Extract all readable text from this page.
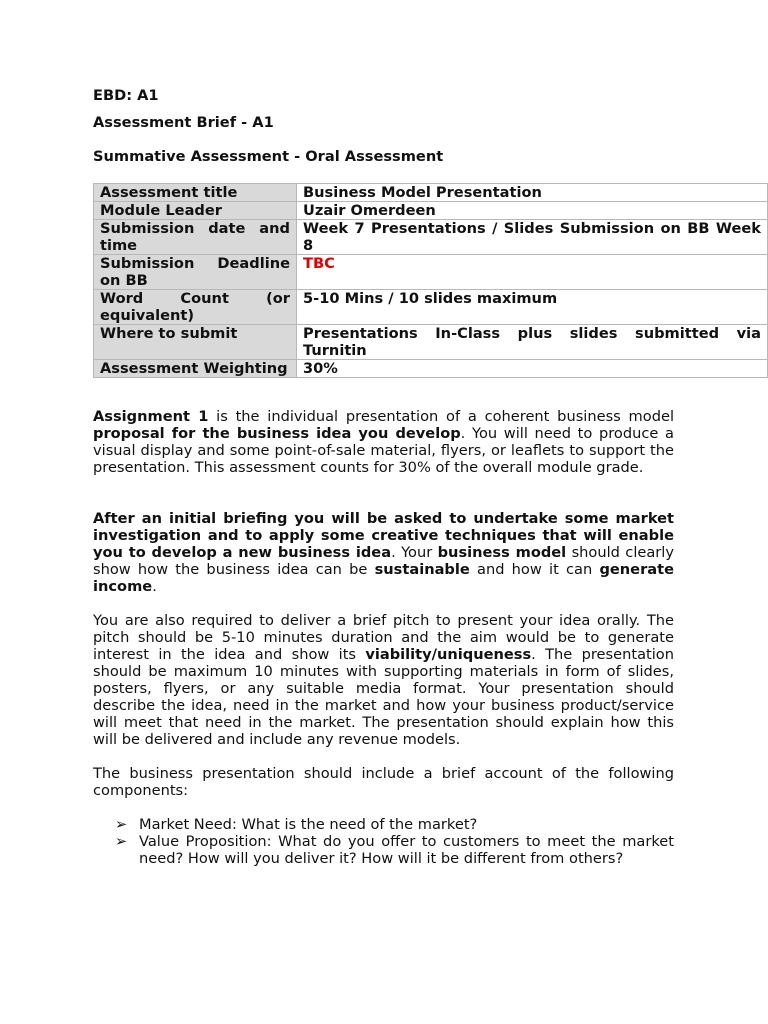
EBD: A1

Assessment Brief - A1

Summative Assessment - Oral Assessment

Assessment title	Business Model Presentation
Module Leader	Uzair Omerdeen
Submission date and time	Week 7 Presentations / Slides Submission on BB Week 8
Submission Deadline on BB	TBC
Word Count (or equivalent)	5-10 Mins / 10 slides maximum
Where to submit	Presentations In-Class plus slides submitted via Turnitin
Assessment Weighting	30%

Assignment 1 is the individual presentation of a coherent business model proposal for the business idea you develop. You will need to produce a visual display and some point-of-sale material, flyers, or leaflets to support the presentation. This assessment counts for 30% of the overall module grade.

After an initial briefing you will be asked to undertake some market investigation and to apply some creative techniques that will enable you to develop a new business idea. Your business model should clearly show how the business idea can be sustainable and how it can generate income.

You are also required to deliver a brief pitch to present your idea orally. The pitch should be 5-10 minutes duration and the aim would be to generate interest in the idea and show its viability/uniqueness. The presentation should be maximum 10 minutes with supporting materials in form of slides, posters, flyers, or any suitable media format. Your presentation should describe the idea, need in the market and how your business product/service will meet that need in the market. The presentation should explain how this will be delivered and include any revenue models.

The business presentation should include a brief account of the following components:

➢ Market Need: What is the need of the market?
➢ Value Proposition: What do you offer to customers to meet the market need? How will you deliver it? How will it be different from others?
